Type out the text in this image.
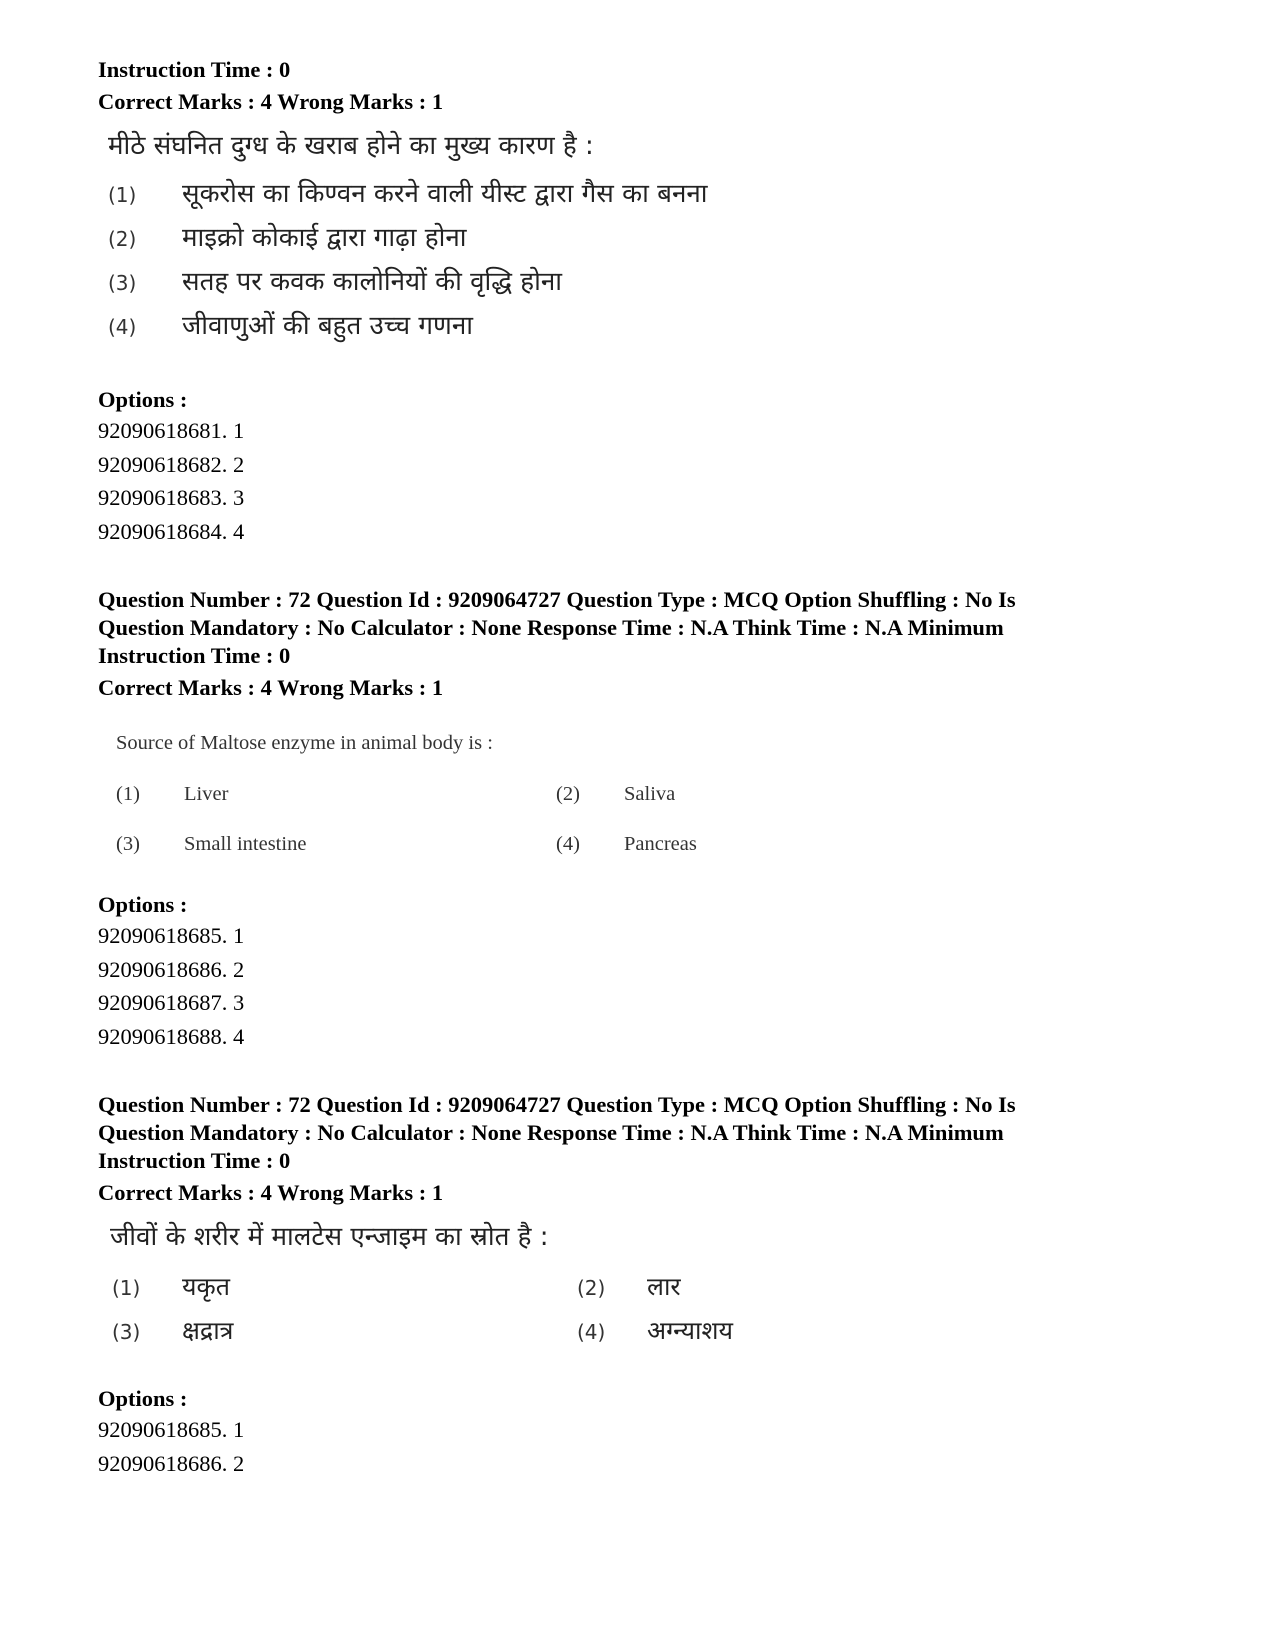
Instruction Time : 0

Correct Marks : 4 Wrong Marks : 1

मीठे संघनित दुग्ध के खराब होने का मुख्य कारण है :
(1)	सूकरोस का किण्वन करने वाली यीस्ट द्वारा गैस का बनना
(2)	माइक्रो कोकाई द्वारा गाढ़ा होना
(3)	सतह पर कवक कालोनियों की वृद्धि होना
(4)	जीवाणुओं की बहुत उच्च गणना

Options :

92090618681. 1

92090618682. 2

92090618683. 3

92090618684. 4

Question Number : 72 Question Id : 9209064727 Question Type : MCQ Option Shuffling : No Is

Question Mandatory : No Calculator : None Response Time : N.A Think Time : N.A Minimum

Instruction Time : 0

Correct Marks : 4 Wrong Marks : 1

Source of Maltose enzyme in animal body is :
(1)	Liver	(2)	Saliva
(3)	Small intestine	(4)	Pancreas

Options :

92090618685. 1

92090618686. 2

92090618687. 3

92090618688. 4

Question Number : 72 Question Id : 9209064727 Question Type : MCQ Option Shuffling : No Is

Question Mandatory : No Calculator : None Response Time : N.A Think Time : N.A Minimum

Instruction Time : 0

Correct Marks : 4 Wrong Marks : 1

जीवों के शरीर में मालटेस एन्जाइम का स्रोत है :
(1)	यकृत	(2)	लार
(3)	क्षद्रात्र	(4)	अग्न्याशय

Options :

92090618685. 1

92090618686. 2
